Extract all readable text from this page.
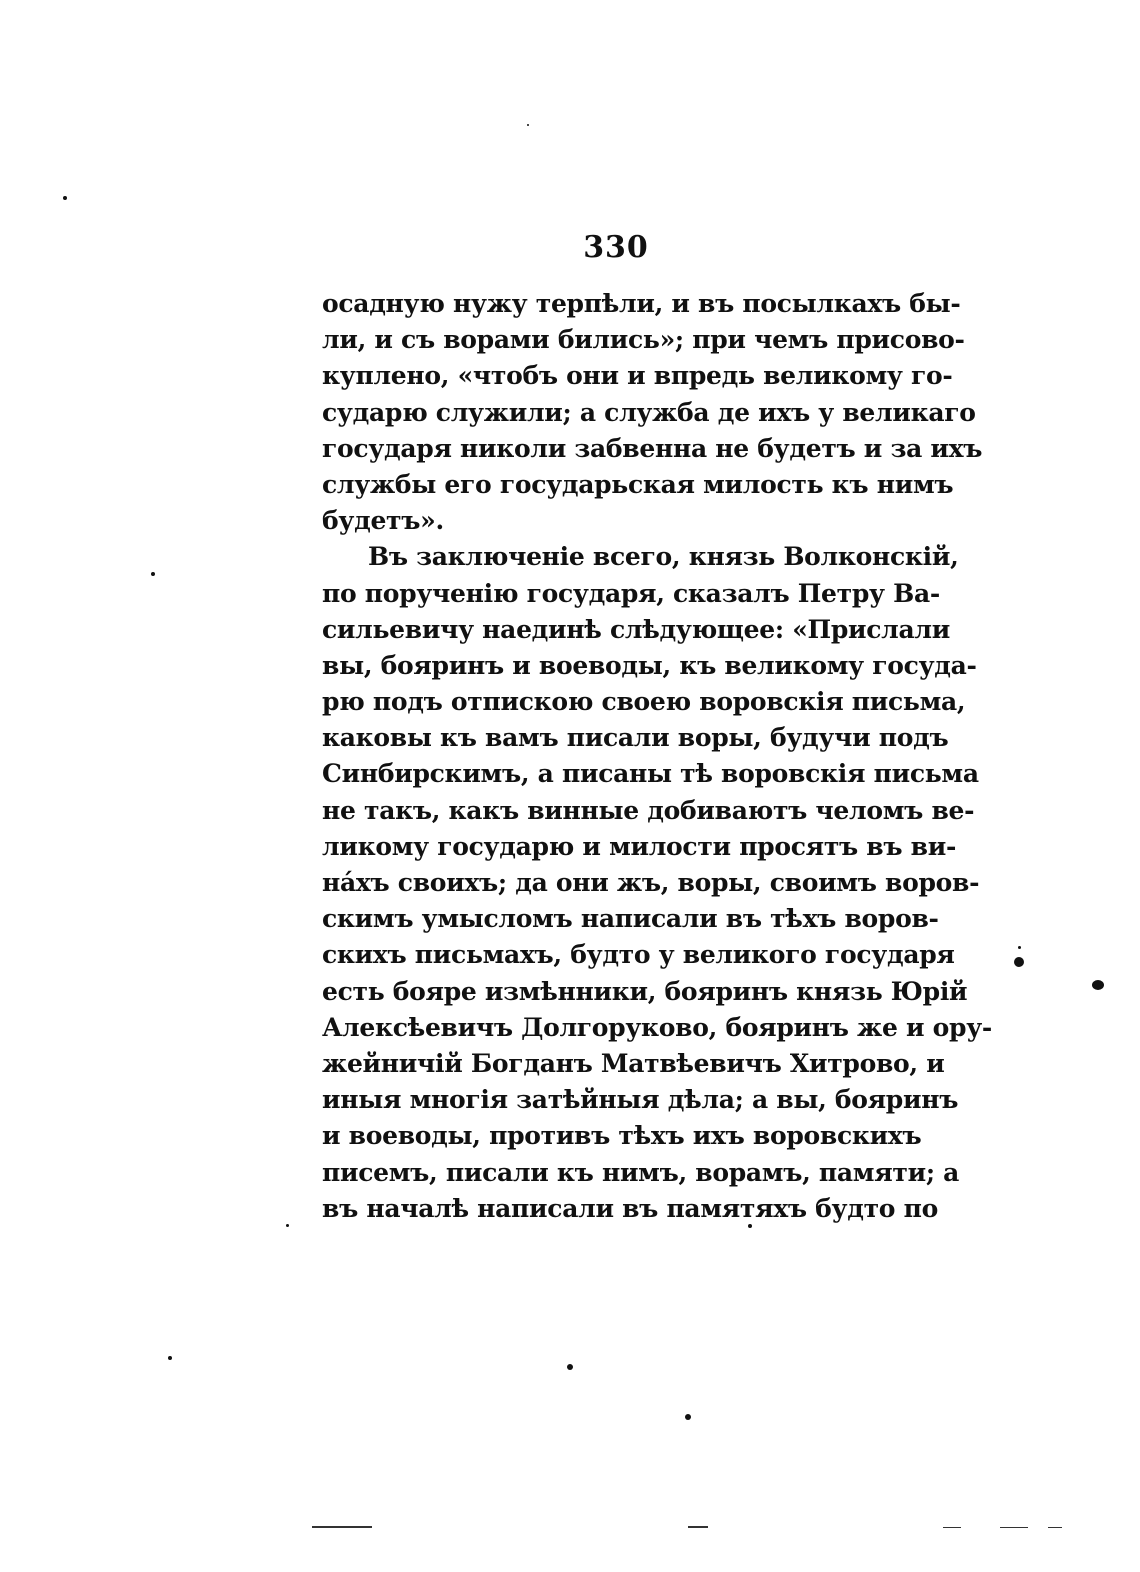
330
осадную нужу терпѣли, и въ посылкахъ бы-
ли, и съ ворами бились»; при чемъ присово-
куплено, «чтобъ они и впредь великому го-
сударю служили; а служба де ихъ у великаго
государя николи забвенна не будетъ и за ихъ
службы его государьская милость къ нимъ
будетъ».
Въ заключенiе всего, князь Волконскiй,
по порученiю государя, сказалъ Петру Ва-
сильевичу наединѣ слѣдующее: «Прислали
вы, бояринъ и воеводы, къ великому госуда-
рю подъ отпискою своею воровскiя письма,
каковы къ вамъ писали воры, будучи подъ
Синбирскимъ, а писаны тѣ воровскiя письма
не такъ, какъ винные добиваютъ челомъ ве-
ликому государю и милости просятъ въ ви-
нáхъ своихъ; да они жъ, воры, своимъ воров-
скимъ умысломъ написали въ тѣхъ воров-
скихъ письмахъ, будто у великого государя
есть бояре измѣнники, бояринъ князь Юрiй
Алексѣевичъ Долгоруково, бояринъ же и ору-
жейничiй Богданъ Матвѣевичъ Хитрово, и
иныя многiя затѣйныя дѣла; а вы, бояринъ
и воеводы, противъ тѣхъ ихъ воровскихъ
писемъ, писали къ нимъ, ворамъ, памяти; а
въ началѣ написали въ памятяхъ будто по
